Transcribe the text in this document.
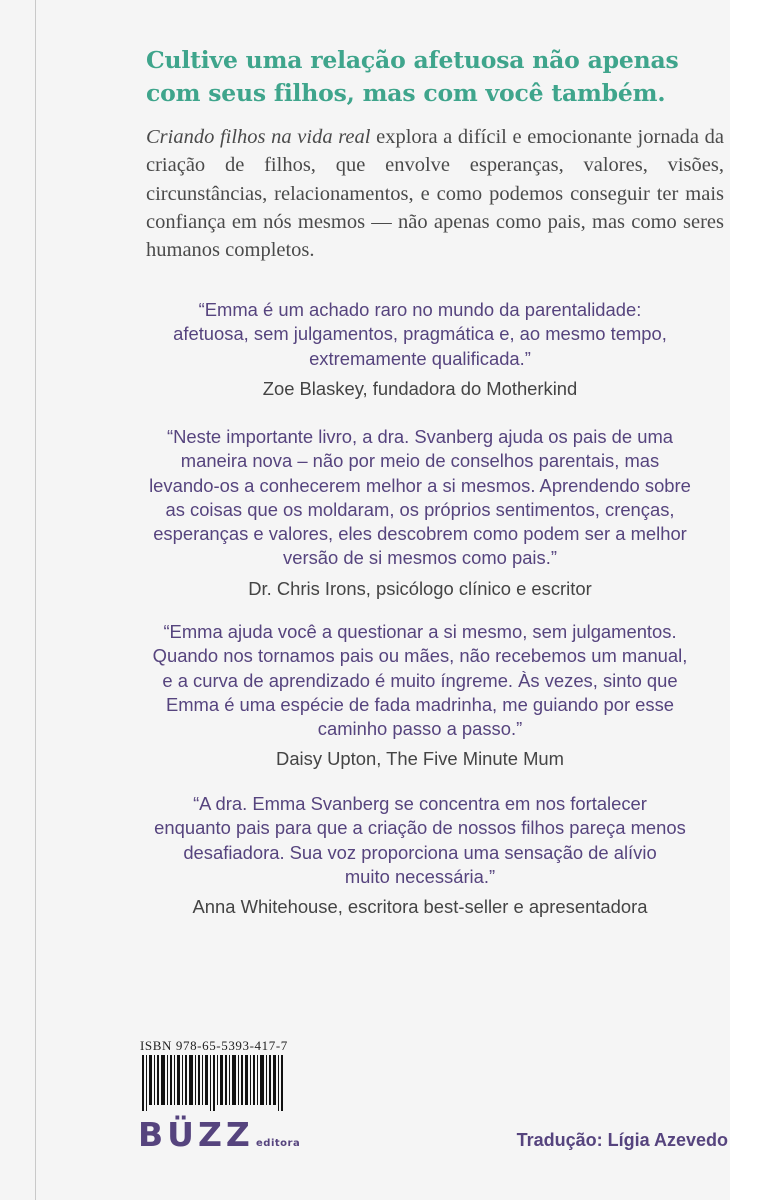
Cultive uma relação afetuosa não apenas
com seus filhos, mas com você também.

Criando filhos na vida real explora a difícil e emocionante jornada da criação de filhos, que envolve esperanças, valores, visões, circunstâncias, relacionamentos, e como podemos conseguir ter mais confiança em nós mesmos — não apenas como pais, mas como seres humanos completos.

“Emma é um achado raro no mundo da parentalidade:
afetuosa, sem julgamentos, pragmática e, ao mesmo tempo,
extremamente qualificada.”

Zoe Blaskey, fundadora do Motherkind

“Neste importante livro, a dra. Svanberg ajuda os pais de uma
maneira nova – não por meio de conselhos parentais, mas
levando-os a conhecerem melhor a si mesmos. Aprendendo sobre
as coisas que os moldaram, os próprios sentimentos, crenças,
esperanças e valores, eles descobrem como podem ser a melhor
versão de si mesmos como pais.”

Dr. Chris Irons, psicólogo clínico e escritor

“Emma ajuda você a questionar a si mesmo, sem julgamentos.
Quando nos tornamos pais ou mães, não recebemos um manual,
e a curva de aprendizado é muito íngreme. Às vezes, sinto que
Emma é uma espécie de fada madrinha, me guiando por esse
caminho passo a passo.”

Daisy Upton, The Five Minute Mum

“A dra. Emma Svanberg se concentra em nos fortalecer
enquanto pais para que a criação de nossos filhos pareça menos
desafiadora. Sua voz proporciona uma sensação de alívio
muito necessária.”

Anna Whitehouse, escritora best-seller e apresentadora
ISBN 978-65-5393-417-7
BÜZZ editora	Tradução: Lígia Azevedo
